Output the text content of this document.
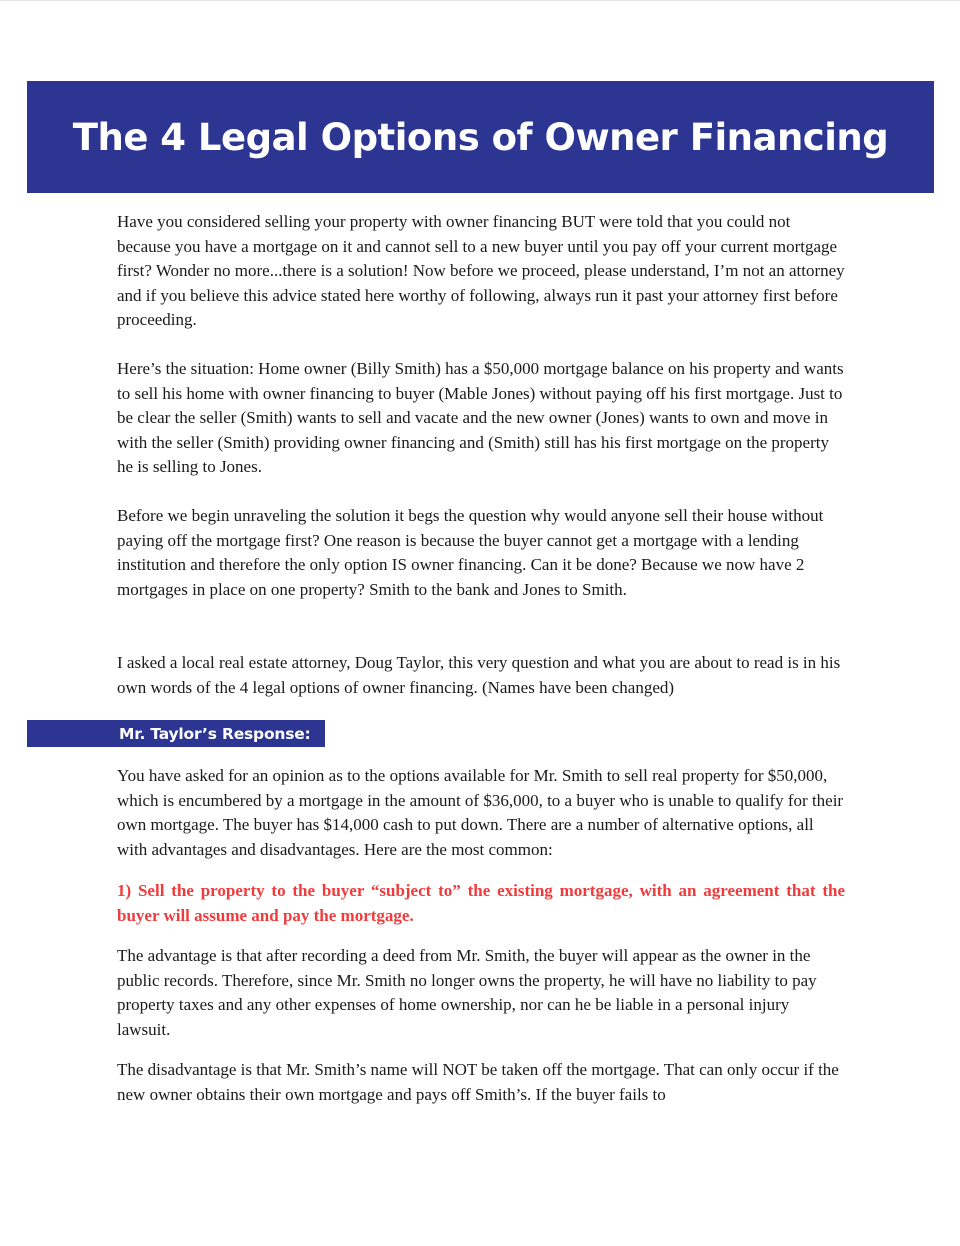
The 4 Legal Options of Owner Financing

Have you considered selling your property with owner financing BUT were told that you could not because you have a mortgage on it and cannot sell to a new buyer until you pay off your current mortgage first? Wonder no more...there is a solution! Now before we proceed, please understand, I’m not an attorney and if you believe this advice stated here worthy of following, always run it past your attorney first before proceeding.

Here’s the situation: Home owner (Billy Smith) has a $50,000 mortgage balance on his property and wants to sell his home with owner financing to buyer (Mable Jones) without paying off his first mortgage. Just to be clear the seller (Smith) wants to sell and vacate and the new owner (Jones) wants to own and move in with the seller (Smith) providing owner financing and (Smith) still has his first mortgage on the property he is selling to Jones.

Before we begin unraveling the solution it begs the question why would anyone sell their house without paying off the mortgage first? One reason is because the buyer cannot get a mortgage with a lending institution and therefore the only option IS owner financing. Can it be done? Because we now have 2 mortgages in place on one property? Smith to the bank and Jones to Smith.

I asked a local real estate attorney, Doug Taylor, this very question and what you are about to read is in his own words of the 4 legal options of owner financing. (Names have been changed)

Mr. Taylor’s Response:

You have asked for an opinion as to the options available for Mr. Smith to sell real property for $50,000, which is encumbered by a mortgage in the amount of $36,000, to a buyer who is unable to qualify for their own mortgage. The buyer has $14,000 cash to put down. There are a number of alternative options, all with advantages and disadvantages. Here are the most common:

1) Sell the property to the buyer “subject to” the existing mortgage, with an agreement that the buyer will assume and pay the mortgage.

The advantage is that after recording a deed from Mr. Smith, the buyer will appear as the owner in the public records. Therefore, since Mr. Smith no longer owns the property, he will have no liability to pay property taxes and any other expenses of home ownership, nor can he be liable in a personal injury lawsuit.

The disadvantage is that Mr. Smith’s name will NOT be taken off the mortgage. That can only occur if the new owner obtains their own mortgage and pays off Smith’s. If the buyer fails to
